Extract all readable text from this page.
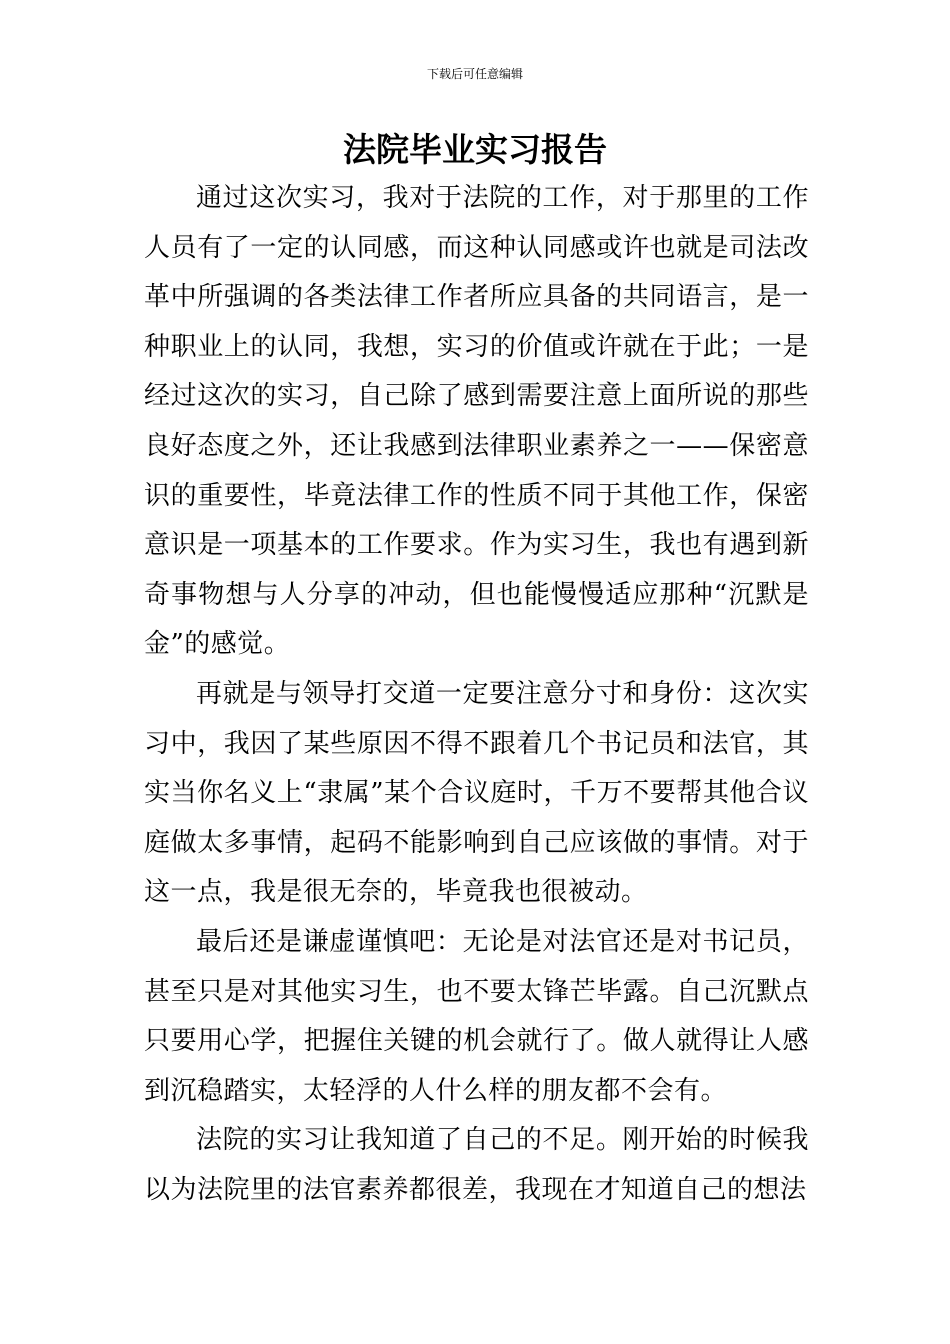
下载后可任意编辑
法院毕业实习报告

通过这次实习，我对于法院的工作，对于那里的工作人员有了一定的认同感，而这种认同感或许也就是司法改革中所强调的各类法律工作者所应具备的共同语言，是一种职业上的认同，我想，实习的价值或许就在于此；一是经过这次的实习，自己除了感到需要注意上面所说的那些良好态度之外，还让我感到法律职业素养之一——保密意识的重要性，毕竟法律工作的性质不同于其他工作，保密意识是一项基本的工作要求。作为实习生，我也有遇到新奇事物想与人分享的冲动，但也能慢慢适应那种“沉默是金”的感觉。

再就是与领导打交道一定要注意分寸和身份：这次实习中，我因了某些原因不得不跟着几个书记员和法官，其实当你名义上“隶属”某个合议庭时，千万不要帮其他合议庭做太多事情，起码不能影响到自己应该做的事情。对于这一点，我是很无奈的，毕竟我也很被动。

最后还是谦虚谨慎吧：无论是对法官还是对书记员，甚至只是对其他实习生，也不要太锋芒毕露。自己沉默点只要用心学，把握住关键的机会就行了。做人就得让人感到沉稳踏实，太轻浮的人什么样的朋友都不会有。

法院的实习让我知道了自己的不足。刚开始的时候我以为法院里的法官素养都很差，我现在才知道自己的想法
